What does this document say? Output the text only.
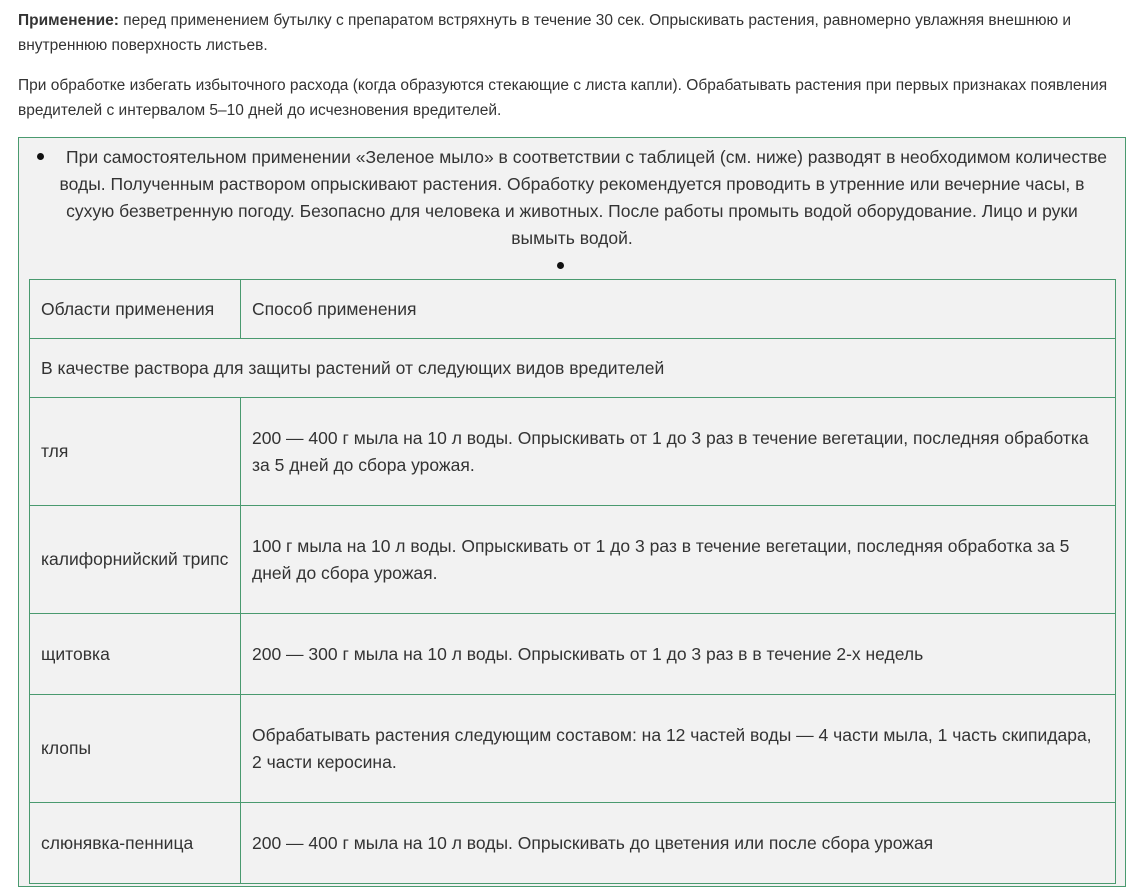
Применение: перед применением бутылку с препаратом встряхнуть в течение 30 сек. Опрыскивать растения, равномерно увлажняя внешнюю и внутреннюю поверхность листьев.

При обработке избегать избыточного расхода (когда образуются стекающие с листа капли). Обрабатывать растения при первых признаках появления вредителей с интервалом 5–10 дней до исчезновения вредителей.

При самостоятельном применении «Зеленое мыло» в соответствии с таблицей (см. ниже) разводят в необходимом количестве воды. Полученным раствором опрыскивают растения. Обработку рекомендуется проводить в утренние или вечерние часы, в сухую безветренную погоду. Безопасно для человека и животных. После работы промыть водой оборудование. Лицо и руки вымыть водой.
Области применения	Способ применения
В качестве раствора для защиты растений от следующих видов вредителей	
тля	200 — 400 г мыла на 10 л воды. Опрыскивать от 1 до 3 раз в течение вегетации, последняя обработка за 5 дней до сбора урожая.
калифорнийский трипс	100 г мыла на 10 л воды. Опрыскивать от 1 до 3 раз в течение вегетации, последняя обработка за 5 дней до сбора урожая.
щитовка	200 — 300 г мыла на 10 л воды. Опрыскивать от 1 до 3 раз в в течение 2-х недель
клопы	Обрабатывать растения следующим составом: на 12 частей воды — 4 части мыла, 1 часть скипидара, 2 части керосина.
слюнявка-пенница	200 — 400 г мыла на 10 л воды. Опрыскивать до цветения или после сбора урожая
